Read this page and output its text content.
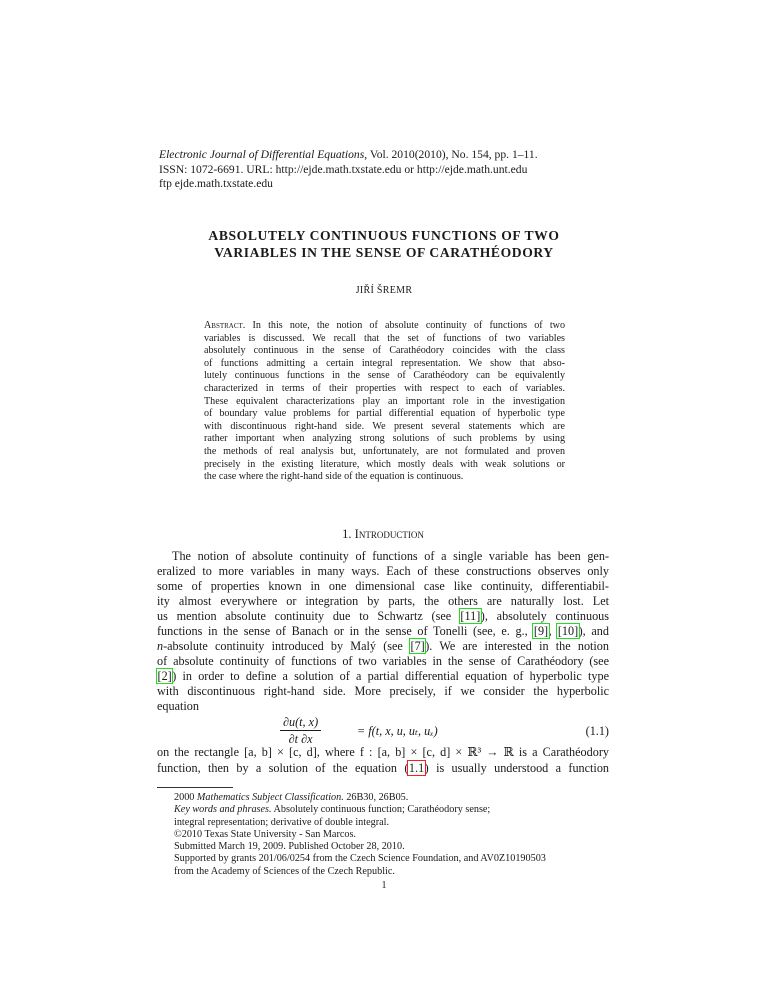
Electronic Journal of Differential Equations, Vol. 2010(2010), No. 154, pp. 1–11.
ISSN: 1072-6691. URL: http://ejde.math.txstate.edu or http://ejde.math.unt.edu
ftp ejde.math.txstate.edu
ABSOLUTELY CONTINUOUS FUNCTIONS OF TWO
VARIABLES IN THE SENSE OF CARATHÉODORY
JIŘÍ ŠREMR
Abstract. In this note, the notion of absolute continuity of functions of two
variables is discussed. We recall that the set of functions of two variables
absolutely continuous in the sense of Carathéodory coincides with the class
of functions admitting a certain integral representation. We show that abso-
lutely continuous functions in the sense of Carathéodory can be equivalently
characterized in terms of their properties with respect to each of variables.
These equivalent characterizations play an important role in the investigation
of boundary value problems for partial differential equation of hyperbolic type
with discontinuous right-hand side. We present several statements which are
rather important when analyzing strong solutions of such problems by using
the methods of real analysis but, unfortunately, are not formulated and proven
precisely in the existing literature, which mostly deals with weak solutions or
the case where the right-hand side of the equation is continuous.
1. Introduction
The notion of absolute continuity of functions of a single variable has been gen-
eralized to more variables in many ways. Each of these constructions observes only
some of properties known in one dimensional case like continuity, differentiabil-
ity almost everywhere or integration by parts, the others are naturally lost. Let
us mention absolute continuity due to Schwartz (see [11]), absolutely continuous
functions in the sense of Banach or in the sense of Tonelli (see, e. g., [9], [10]), and
n-absolute continuity introduced by Malý (see [7]). We are interested in the notion
of absolute continuity of functions of two variables in the sense of Carathéodory (see
[2]) in order to define a solution of a partial differential equation of hyperbolic type
with discontinuous right-hand side. More precisely, if we consider the hyperbolic
equation
$\frac{\partial u(t, x)}{\partial t \partial x}$	= f(t, x, u, uₜ, uₓ)	(1.1)
on the rectangle [a, b] × [c, d], where f : [a, b] × [c, d] × ℝ³ → ℝ is a Carathéodory
function, then by a solution of the equation (1.1) is usually understood a function
2000 Mathematics Subject Classification. 26B30, 26B05.
Key words and phrases. Absolutely continuous function; Carathéodory sense;
integral representation; derivative of double integral.
©2010 Texas State University - San Marcos.
Submitted March 19, 2009. Published October 28, 2010.
Supported by grants 201/06/0254 from the Czech Science Foundation, and AV0Z10190503
from the Academy of Sciences of the Czech Republic.
1
